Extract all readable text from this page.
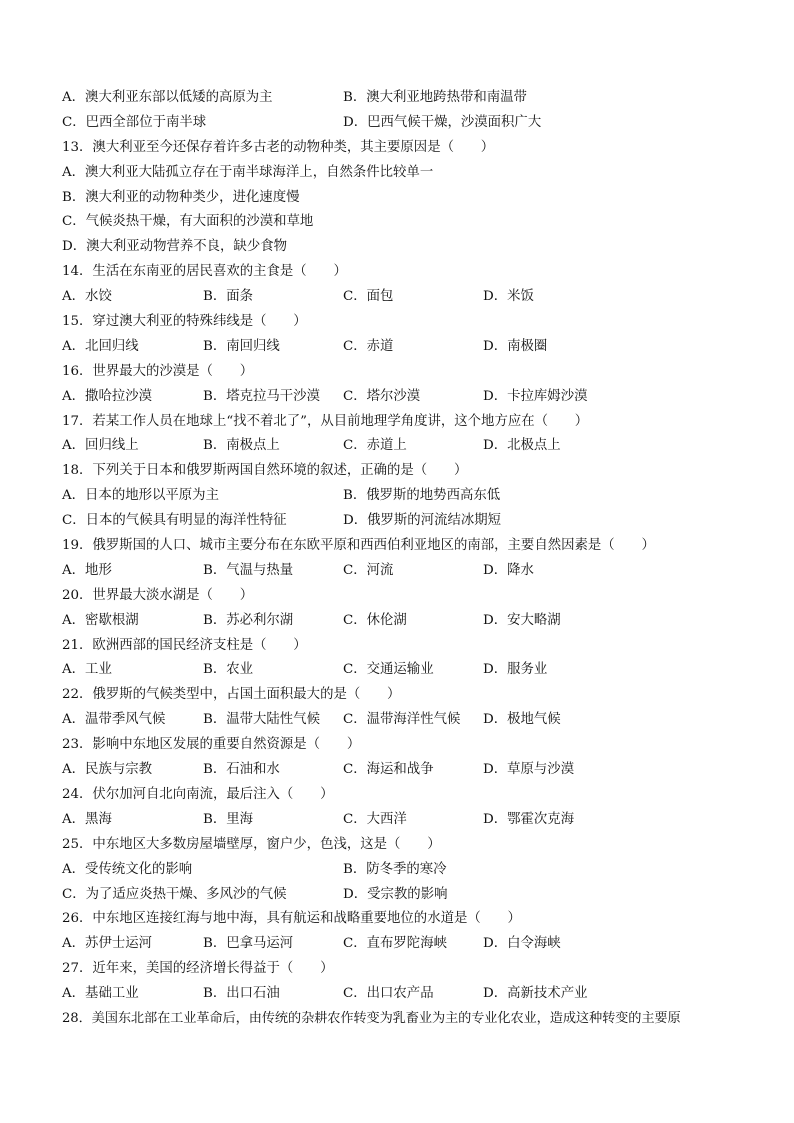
A．澳大利亚东部以低矮的高原为主	B．澳大利亚地跨热带和南温带
C．巴西全部位于南半球	D．巴西气候干燥，沙漠面积广大
13．澳大利亚至今还保存着许多古老的动物种类，其主要原因是（　　）
A．澳大利亚大陆孤立存在于南半球海洋上，自然条件比较单一
B．澳大利亚的动物种类少，进化速度慢
C．气候炎热干燥，有大面积的沙漠和草地
D．澳大利亚动物营养不良，缺少食物
14．生活在东南亚的居民喜欢的主食是（　　）
A．水饺	B．面条	C．面包	D．米饭
15．穿过澳大利亚的特殊纬线是（　　）
A．北回归线	B．南回归线	C．赤道	D．南极圈
16．世界最大的沙漠是（　　）
A．撒哈拉沙漠	B．塔克拉马干沙漠 C．塔尔沙漠	D．卡拉库姆沙漠
17．若某工作人员在地球上“找不着北了”，从目前地理学角度讲，这个地方应在（　　）
A．回归线上	B．南极点上	C．赤道上	D．北极点上
18．下列关于日本和俄罗斯两国自然环境的叙述，正确的是（　　）
A．日本的地形以平原为主	B．俄罗斯的地势西高东低
C．日本的气候具有明显的海洋性特征	D．俄罗斯的河流结冰期短
19．俄罗斯国的人口、城市主要分布在东欧平原和西西伯利亚地区的南部，主要自然因素是（　　）
A．地形	B．气温与热量	C．河流	D．降水
20．世界最大淡水湖是（　　）
A．密歇根湖	B．苏必利尔湖	C．休伦湖	D．安大略湖
21．欧洲西部的国民经济支柱是（　　）
A．工业	B．农业	C．交通运输业	D．服务业
22．俄罗斯的气候类型中，占国土面积最大的是（　　）
A．温带季风气候	B．温带大陆性气候 C．温带海洋性气候 D．极地气候
23．影响中东地区发展的重要自然资源是（　　）
A．民族与宗教	B．石油和水	C．海运和战争	D．草原与沙漠
24．伏尔加河自北向南流，最后注入（　　）
A．黑海	B．里海	C．大西洋	D．鄂霍次克海
25．中东地区大多数房屋墙壁厚，窗户少，色浅，这是（　　）
A．受传统文化的影响	B．防冬季的寒冷
C．为了适应炎热干燥、多风沙的气候	D．受宗教的影响
26．中东地区连接红海与地中海，具有航运和战略重要地位的水道是（　　）
A．苏伊士运河	B．巴拿马运河	C．直布罗陀海峡	D．白令海峡
27．近年来，美国的经济增长得益于（　　）
A．基础工业	B．出口石油	C．出口农产品	D．高新技术产业
28．美国东北部在工业革命后，由传统的杂耕农作转变为乳畜业为主的专业化农业，造成这种转变的主要原
